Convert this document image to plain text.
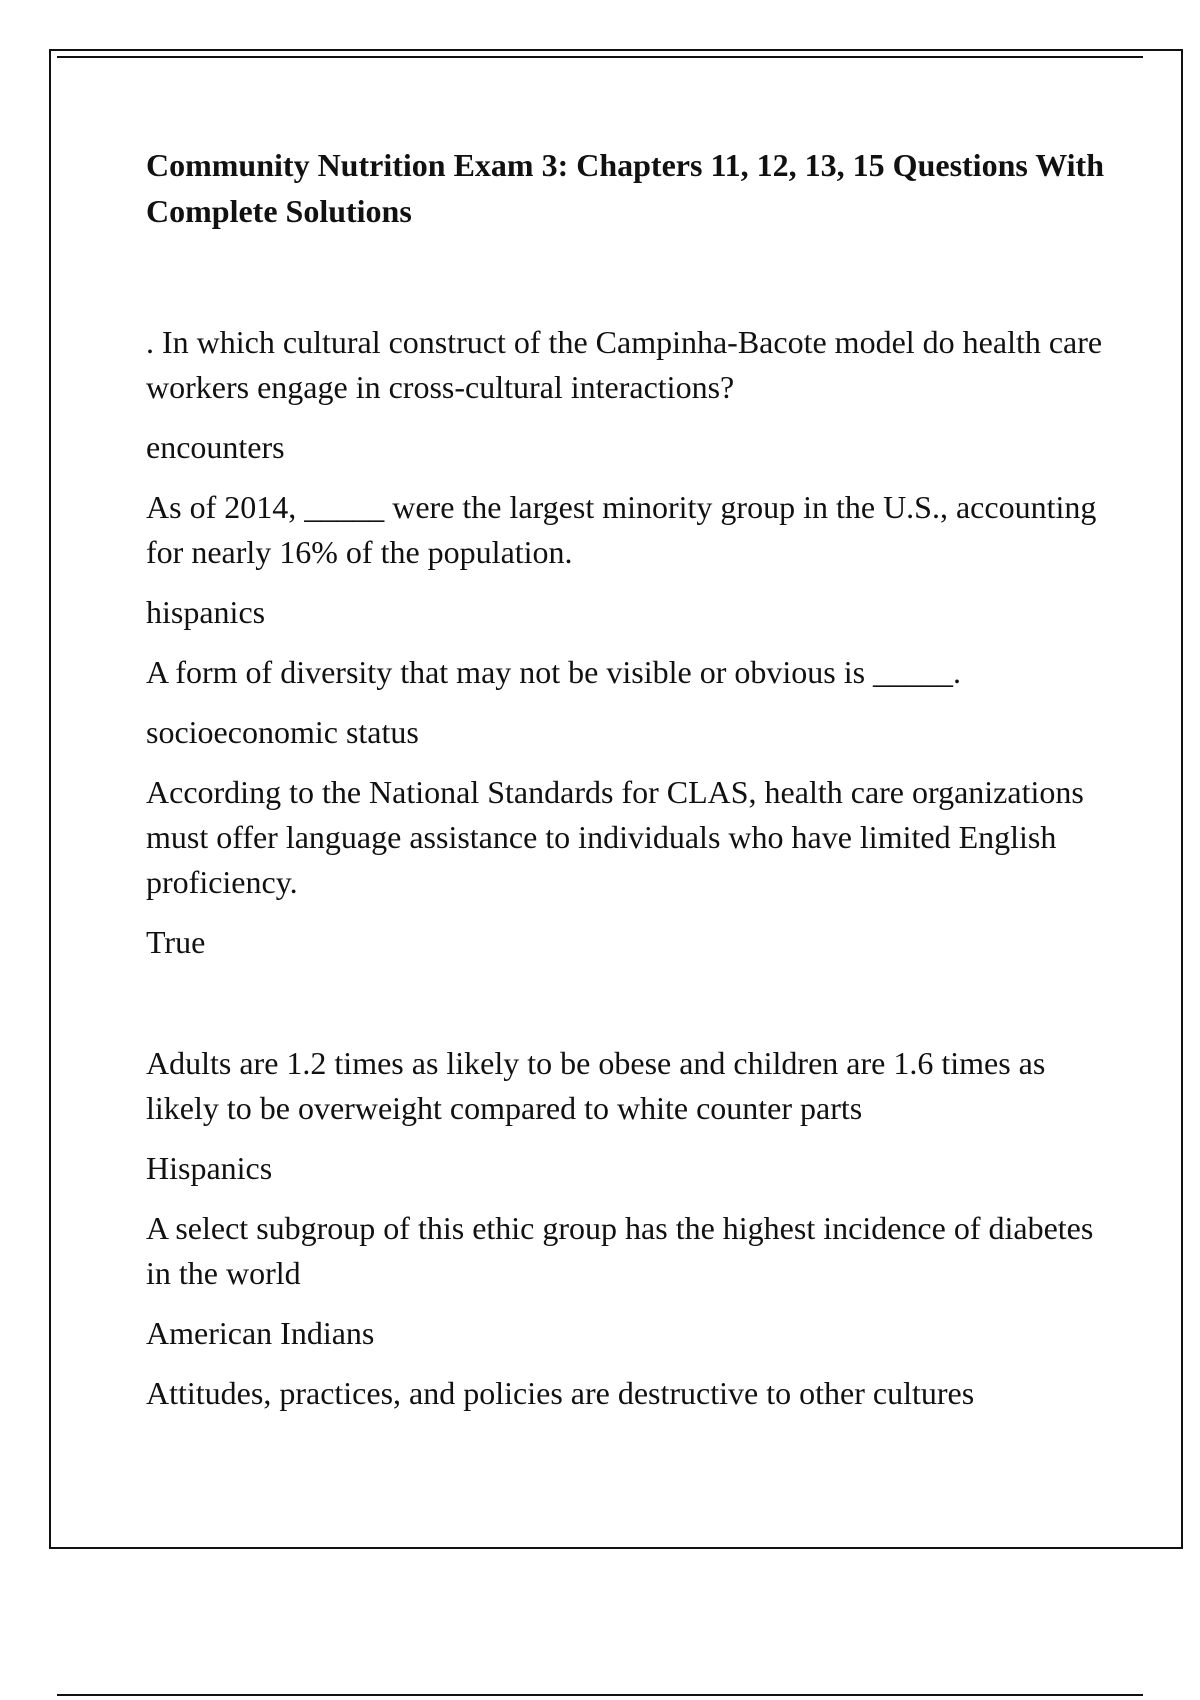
Community Nutrition Exam 3: Chapters 11, 12, 13, 15 Questions With Complete Solutions

. In which cultural construct of the Campinha-Bacote model do health care workers engage in cross-cultural interactions?

encounters

As of 2014, _____ were the largest minority group in the U.S., accounting for nearly 16% of the population.

hispanics

A form of diversity that may not be visible or obvious is _____.

socioeconomic status

According to the National Standards for CLAS, health care organizations must offer language assistance to individuals who have limited English proficiency.

True

Adults are 1.2 times as likely to be obese and children are 1.6 times as likely to be overweight compared to white counter parts

Hispanics

A select subgroup of this ethic group has the highest incidence of diabetes in the world

American Indians

Attitudes, practices, and policies are destructive to other cultures
